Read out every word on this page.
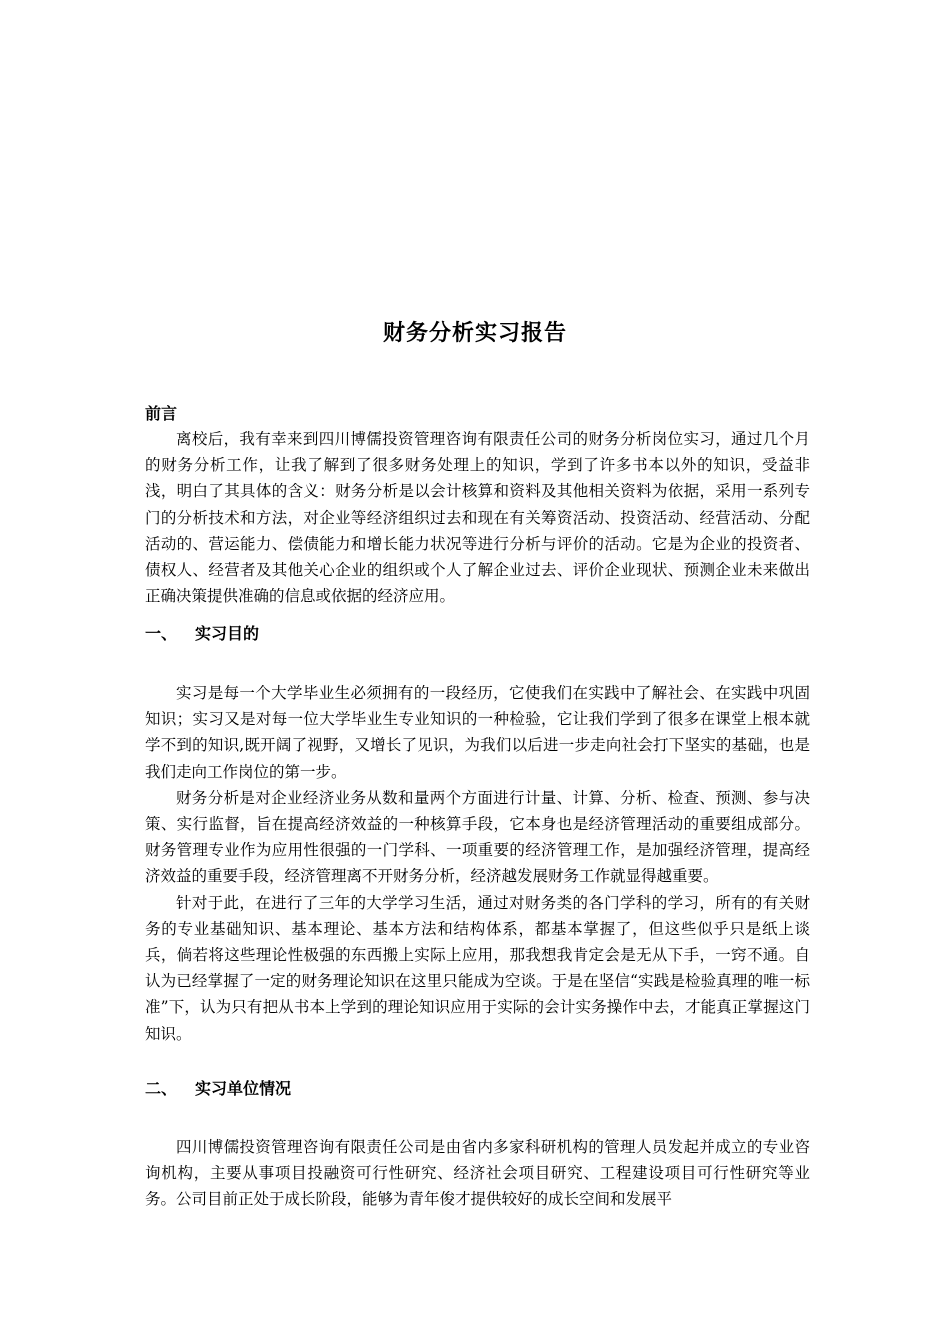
财务分析实习报告
前言

离校后，我有幸来到四川博儒投资管理咨询有限责任公司的财务分析岗位实习，通过几个月的财务分析工作，让我了解到了很多财务处理上的知识，学到了许多书本以外的知识，受益非浅，明白了其具体的含义：财务分析是以会计核算和资料及其他相关资料为依据，采用一系列专门的分析技术和方法，对企业等经济组织过去和现在有关筹资活动、投资活动、经营活动、分配活动的、营运能力、偿债能力和增长能力状况等进行分析与评价的活动。它是为企业的投资者、债权人、经营者及其他关心企业的组织或个人了解企业过去、评价企业现状、预测企业未来做出正确决策提供准确的信息或依据的经济应用。

一、 实习目的

实习是每一个大学毕业生必须拥有的一段经历，它使我们在实践中了解社会、在实践中巩固知识；实习又是对每一位大学毕业生专业知识的一种检验，它让我们学到了很多在课堂上根本就学不到的知识,既开阔了视野，又增长了见识，为我们以后进一步走向社会打下坚实的基础，也是我们走向工作岗位的第一步。

财务分析是对企业经济业务从数和量两个方面进行计量、计算、分析、检查、预测、参与决策、实行监督，旨在提高经济效益的一种核算手段，它本身也是经济管理活动的重要组成部分。财务管理专业作为应用性很强的一门学科、一项重要的经济管理工作，是加强经济管理，提高经济效益的重要手段，经济管理离不开财务分析，经济越发展财务工作就显得越重要。

针对于此，在进行了三年的大学学习生活，通过对财务类的各门学科的学习，所有的有关财务的专业基础知识、基本理论、基本方法和结构体系，都基本掌握了，但这些似乎只是纸上谈兵，倘若将这些理论性极强的东西搬上实际上应用，那我想我肯定会是无从下手，一窍不通。自认为已经掌握了一定的财务理论知识在这里只能成为空谈。于是在坚信“实践是检验真理的唯一标准”下，认为只有把从书本上学到的理论知识应用于实际的会计实务操作中去，才能真正掌握这门知识。

二、 实习单位情况

四川博儒投资管理咨询有限责任公司是由省内多家科研机构的管理人员发起并成立的专业咨询机构，主要从事项目投融资可行性研究、经济社会项目研究、工程建设项目可行性研究等业务。公司目前正处于成长阶段，能够为青年俊才提供较好的成长空间和发展平
